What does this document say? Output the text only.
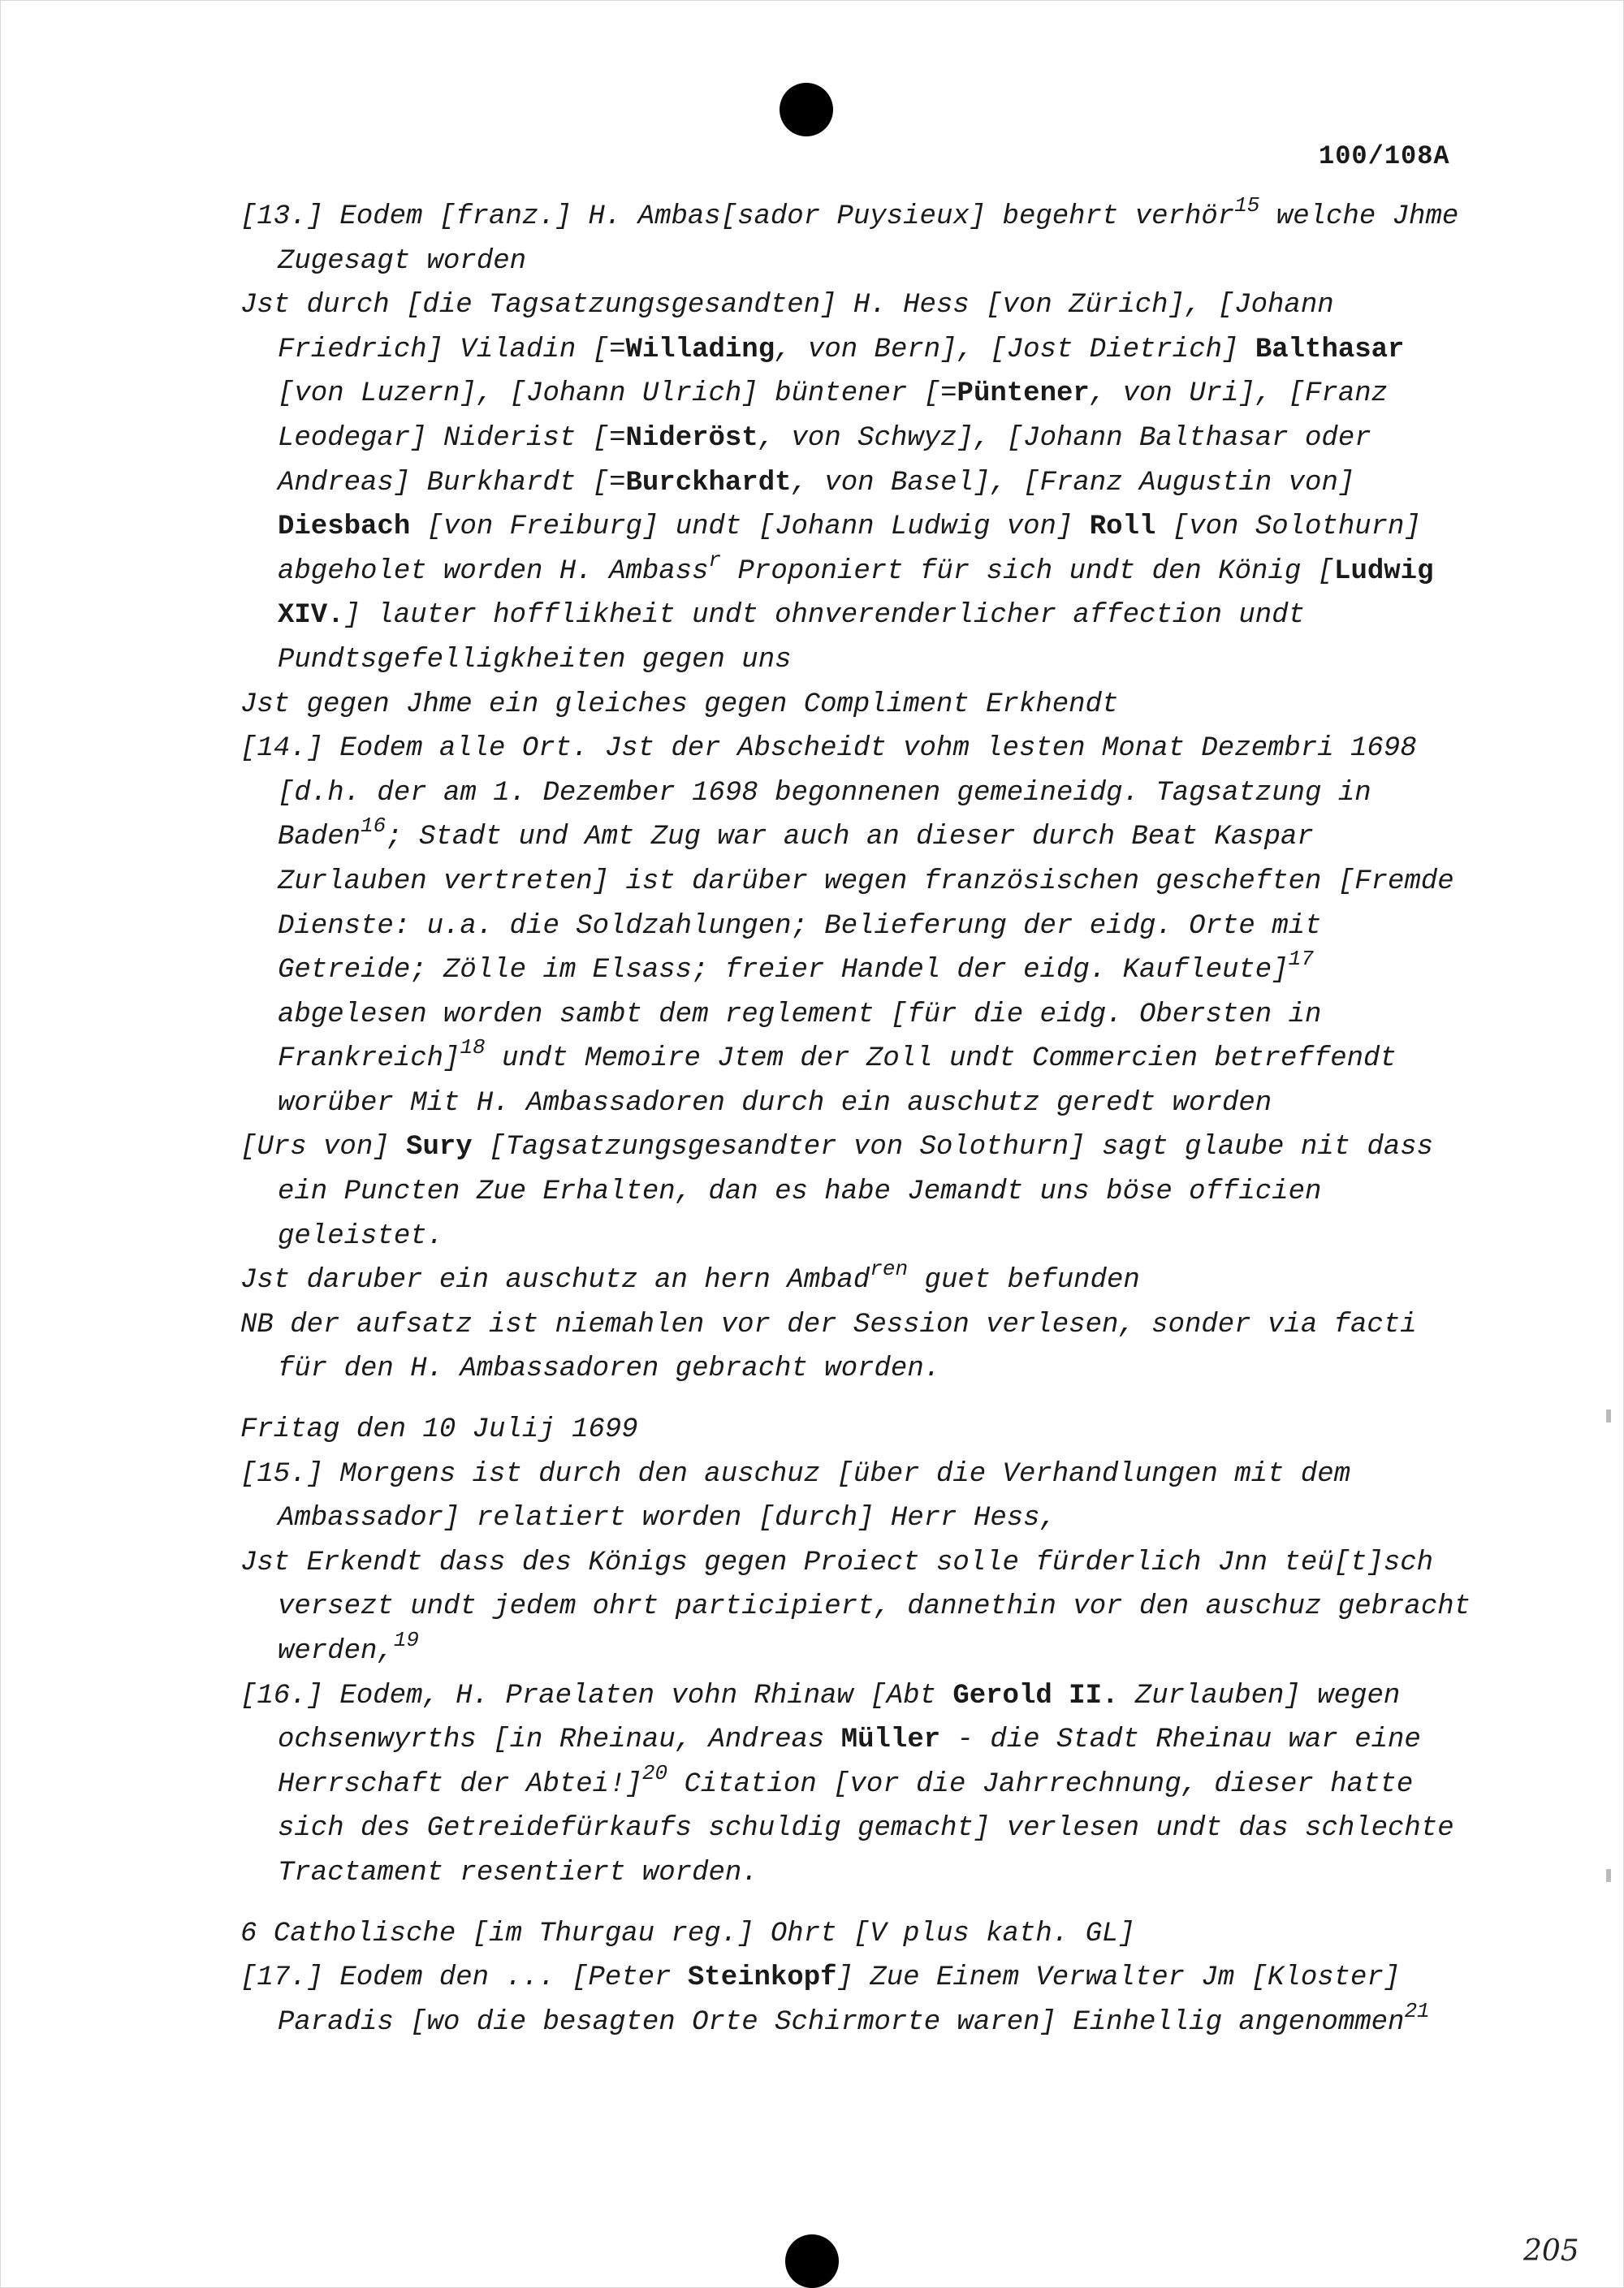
100/108A

[13.] Eodem [franz.] H. Ambas[sador Puysieux] begehrt verhör$^{15}$ welche Jhme Zugesagt worden

Jst durch [die Tagsatzungsgesandten] H. Hess [von Zürich], [Johann Friedrich] Viladin [=Willading, von Bern], [Jost Dietrich] Balthasar [von Luzern], [Johann Ulrich] büntener [=Püntener, von Uri], [Franz Leodegar] Niderist [=Nideröst, von Schwyz], [Johann Balthasar oder Andreas] Burkhardt [=Burckhardt, von Basel], [Franz Augustin von] Diesbach [von Freiburg] undt [Johann Ludwig von] Roll [von Solothurn] abgeholet worden H. Ambass$^r$ Proponiert für sich undt den König [Ludwig XIV.] lauter hofflikheit undt ohnverenderlicher affection undt Pundtsgefelligkheiten gegen uns

Jst gegen Jhme ein gleiches gegen Compliment Erkhendt

[14.] Eodem alle Ort. Jst der Abscheidt vohm lesten Monat Dezembri 1698 [d.h. der am 1. Dezember 1698 begonnenen gemeineidg. Tagsatzung in Baden$^{16}$; Stadt und Amt Zug war auch an dieser durch Beat Kaspar Zurlauben vertreten] ist darüber wegen französischen gescheften [Fremde Dienste: u.a. die Soldzahlungen; Belieferung der eidg. Orte mit Getreide; Zölle im Elsass; freier Handel der eidg. Kaufleute]$^{17}$ abgelesen worden sambt dem reglement [für die eidg. Obersten in Frankreich]$^{18}$ undt Memoire Jtem der Zoll undt Commercien betreffendt worüber Mit H. Ambassadoren durch ein auschutz geredt worden

[Urs von] Sury [Tagsatzungsgesandter von Solothurn] sagt glaube nit dass ein Puncten Zue Erhalten, dan es habe Jemandt uns böse officien geleistet.

Jst daruber ein auschutz an hern Ambad$^{ren}$ guet befunden

NB der aufsatz ist niemahlen vor der Session verlesen, sonder via facti für den H. Ambassadoren gebracht worden.

Fritag den 10 Julij 1699

[15.] Morgens ist durch den auschuz [über die Verhandlungen mit dem Ambassador] relatiert worden [durch] Herr Hess,

Jst Erkendt dass des Königs gegen Proiect solle fürderlich Jnn teü[t]sch versezt undt jedem ohrt participiert, dannethin vor den auschuz gebracht werden,$^{19}$

[16.] Eodem, H. Praelaten vohn Rhinaw [Abt Gerold II. Zurlauben] wegen ochsenwyrths [in Rheinau, Andreas Müller - die Stadt Rheinau war eine Herrschaft der Abtei!]$^{20}$ Citation [vor die Jahrrechnung, dieser hatte sich des Getreidefürkaufs schuldig gemacht] verlesen undt das schlechte Tractament resentiert worden.

6 Catholische [im Thurgau reg.] Ohrt [V plus kath. GL]

[17.] Eodem den ... [Peter Steinkopf] Zue Einem Verwalter Jm [Kloster] Paradis [wo die besagten Orte Schirmorte waren] Einhellig angenommen$^{21}$

205
